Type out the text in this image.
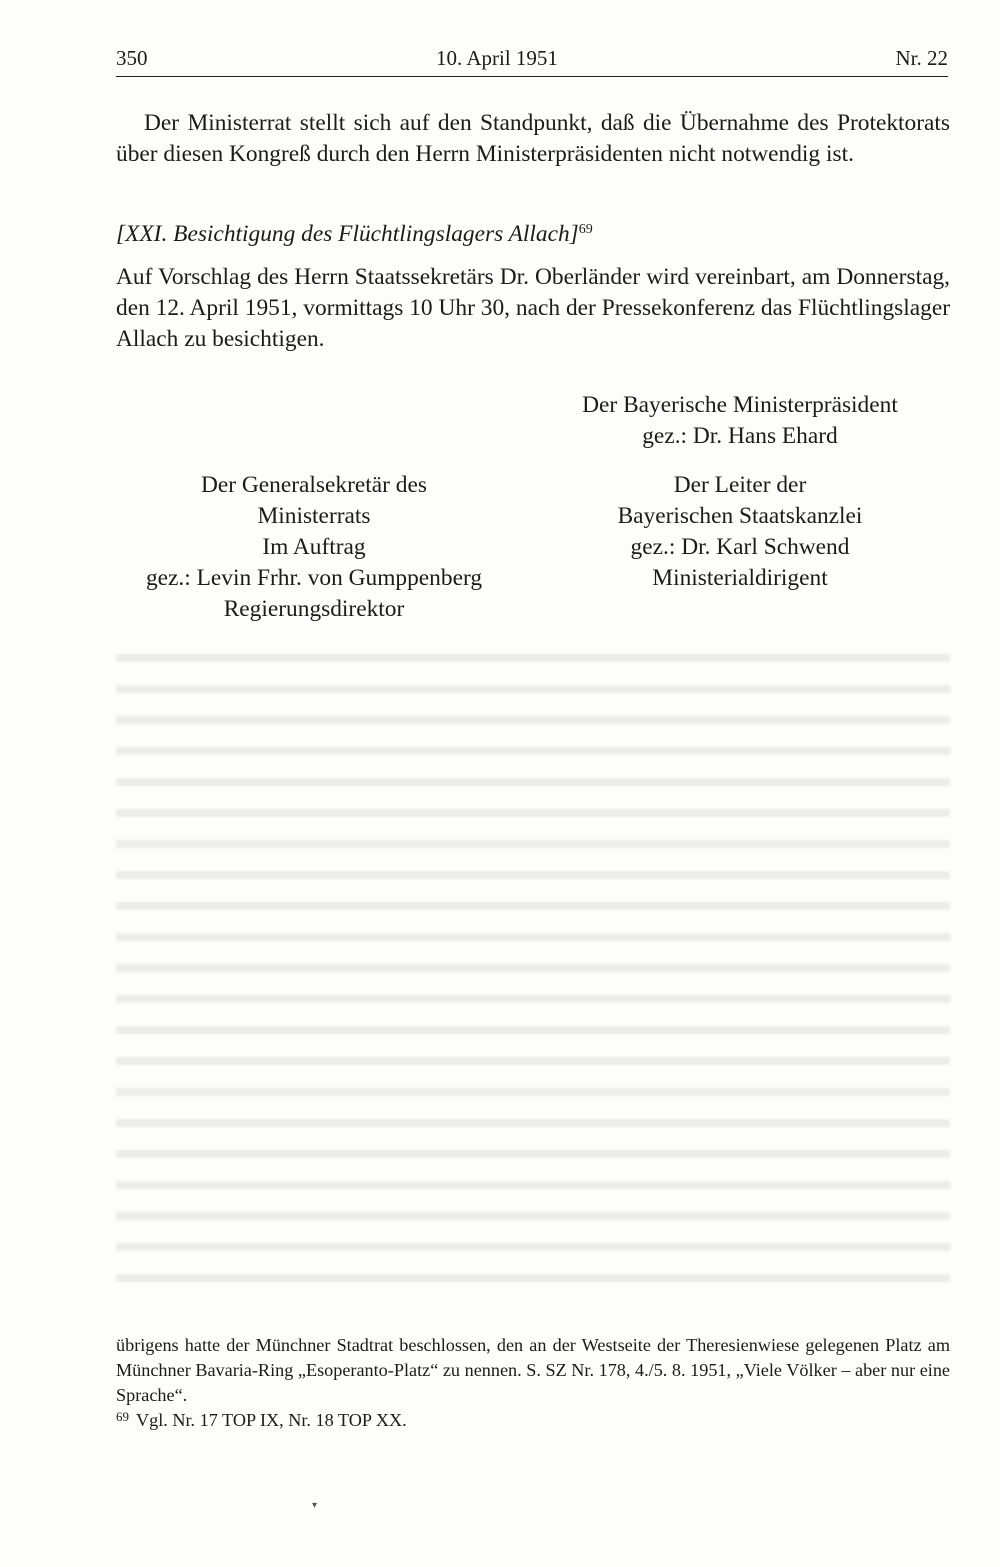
350	10. April 1951	Nr. 22

Der Ministerrat stellt sich auf den Standpunkt, daß die Übernahme des Protektorats über diesen Kongreß durch den Herrn Ministerpräsidenten nicht notwendig ist.

[XXI. Besichtigung des Flüchtlingslagers Allach]$^{69}$

Auf Vorschlag des Herrn Staatssekretärs Dr. Oberländer wird vereinbart, am Donnerstag, den 12. April 1951, vormittags 10 Uhr 30, nach der Pressekonferenz das Flüchtlingslager Allach zu besichtigen.

Der Bayerische Ministerpräsident
gez.: Dr. Hans Ehard
Der Generalsekretär des
Ministerrats
Im Auftrag
gez.: Levin Frhr. von Gumppenberg
Regierungsdirektor
Der Leiter der
Bayerischen Staatskanzlei
gez.: Dr. Karl Schwend
Ministerialdirigent

übrigens hatte der Münchner Stadtrat beschlossen, den an der Westseite der Theresienwiese gelegenen Platz am Münchner Bavaria-Ring „Esoperanto-Platz“ zu nennen. S. SZ Nr. 178, 4./5. 8. 1951, „Viele Völker – aber nur eine Sprache“.

69 Vgl. Nr. 17 TOP IX, Nr. 18 TOP XX.

▾
